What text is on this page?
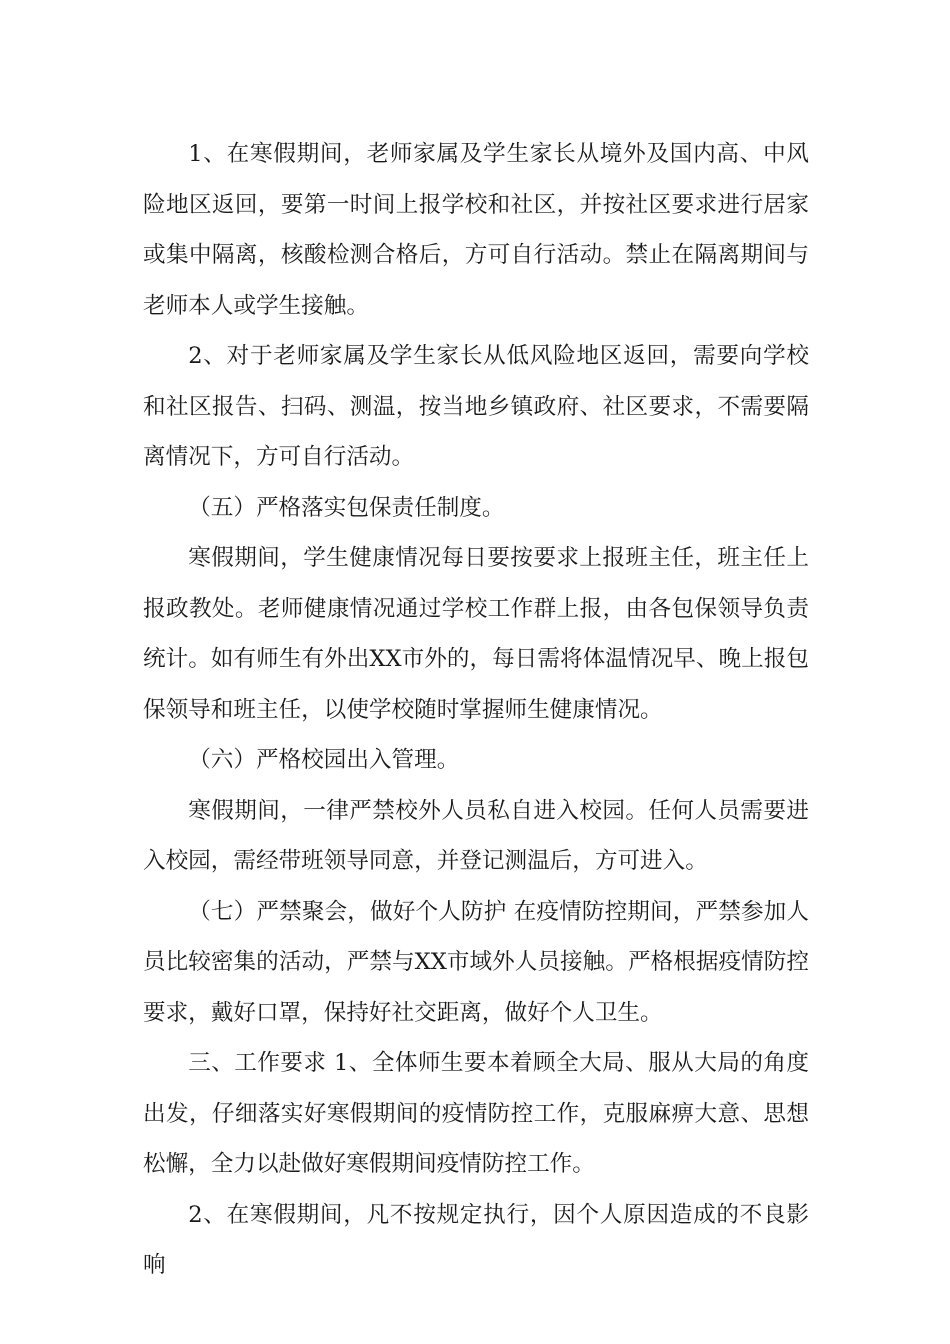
1、在寒假期间，老师家属及学生家长从境外及国内高、中风险地区返回，要第一时间上报学校和社区，并按社区要求进行居家或集中隔离，核酸检测合格后，方可自行活动。禁止在隔离期间与老师本人或学生接触。

2、对于老师家属及学生家长从低风险地区返回，需要向学校和社区报告、扫码、测温，按当地乡镇政府、社区要求，不需要隔离情况下，方可自行活动。

（五）严格落实包保责任制度。

寒假期间，学生健康情况每日要按要求上报班主任，班主任上报政教处。老师健康情况通过学校工作群上报，由各包保领导负责统计。如有师生有外出XX市外的，每日需将体温情况早、晚上报包保领导和班主任，以使学校随时掌握师生健康情况。

（六）严格校园出入管理。

寒假期间，一律严禁校外人员私自进入校园。任何人员需要进入校园，需经带班领导同意，并登记测温后，方可进入。

（七）严禁聚会，做好个人防护 在疫情防控期间，严禁参加人员比较密集的活动，严禁与XX市域外人员接触。严格根据疫情防控要求，戴好口罩，保持好社交距离，做好个人卫生。

三、工作要求 1、全体师生要本着顾全大局、服从大局的角度出发，仔细落实好寒假期间的疫情防控工作，克服麻痹大意、思想松懈，全力以赴做好寒假期间疫情防控工作。

2、在寒假期间，凡不按规定执行，因个人原因造成的不良影响
